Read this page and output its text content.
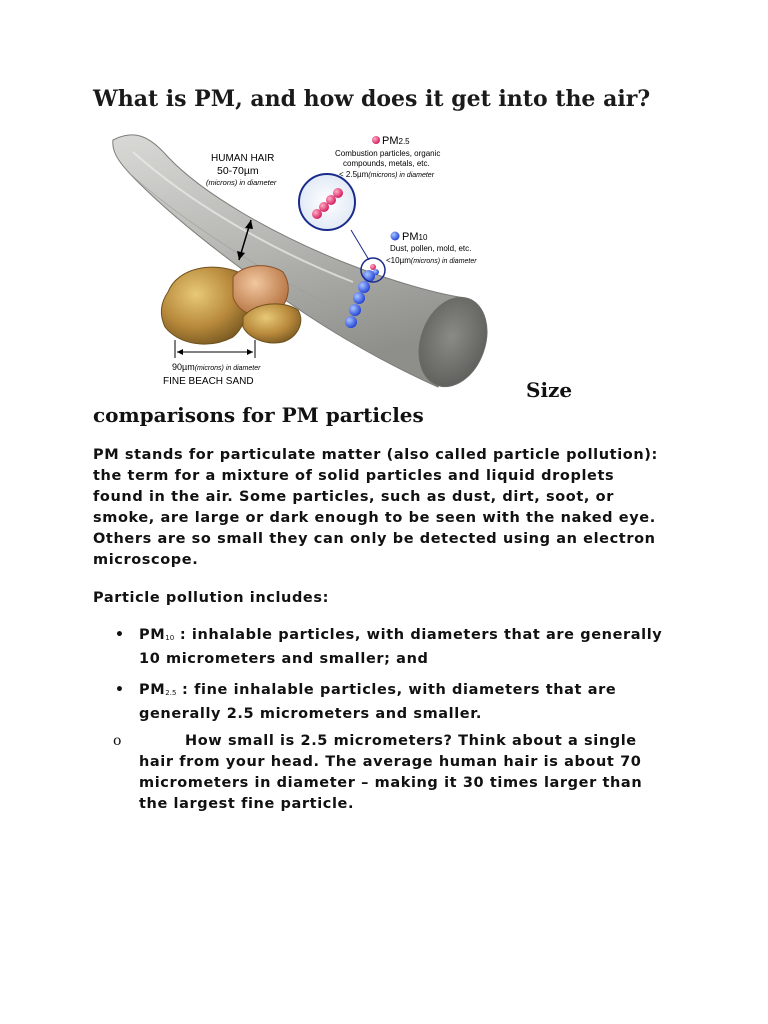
What is PM, and how does it get into the air?
HUMAN HAIR
50-70µm
(microns) in diameter
PM2.5
Combustion particles, organic
compounds, metals, etc.
< 2.5µm(microns) in diameter
PM10
Dust, pollen, mold, etc.
<10µm(microns) in diameter
90µm(microns) in diameter
FINE BEACH SAND	Size
comparisons for PM particles
PM stands for particulate matter (also called particle pollution): the term for a mixture of solid particles and liquid droplets found in the air. Some particles, such as dust, dirt, soot, or smoke, are large or dark enough to be seen with the naked eye. Others are so small they can only be detected using an electron microscope.
Particle pollution includes:
• PM10 : inhalable particles, with diameters that are generally 10 micrometers and smaller; and
• PM2.5 : fine inhalable particles, with diameters that are generally 2.5 micrometers and smaller.
o	How small is 2.5 micrometers? Think about a single hair from your head. The average human hair is about 70 micrometers in diameter – making it 30 times larger than the largest fine particle.
